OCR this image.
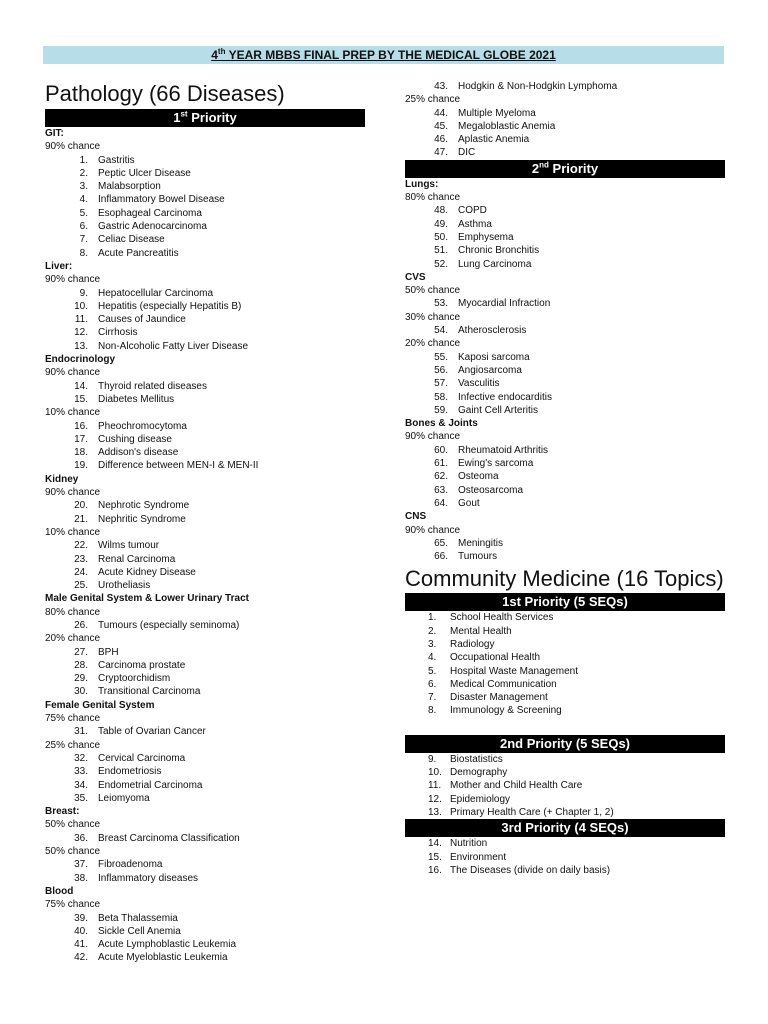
4th YEAR MBBS FINAL PREP BY THE MEDICAL GLOBE 2021
Pathology (66 Diseases)
1st Priority
GIT:
90% chance
1. Gastritis
2. Peptic Ulcer Disease
3. Malabsorption
4. Inflammatory Bowel Disease
5. Esophageal Carcinoma
6. Gastric Adenocarcinoma
7. Celiac Disease
8. Acute Pancreatitis
Liver:
90% chance
9. Hepatocellular Carcinoma
10. Hepatitis (especially Hepatitis B)
11. Causes of Jaundice
12. Cirrhosis
13. Non-Alcoholic Fatty Liver Disease
Endocrinology
90% chance
14. Thyroid related diseases
15. Diabetes Mellitus
10% chance
16. Pheochromocytoma
17. Cushing disease
18. Addison's disease
19. Difference between MEN-I & MEN-II
Kidney
90% chance
20. Nephrotic Syndrome
21. Nephritic Syndrome
10% chance
22. Wilms tumour
23. Renal Carcinoma
24. Acute Kidney Disease
25. Urotheliasis
Male Genital System & Lower Urinary Tract
80% chance
26. Tumours (especially seminoma)
20% chance
27. BPH
28. Carcinoma prostate
29. Cryptoorchidism
30. Transitional Carcinoma
Female Genital System
75% chance
31. Table of Ovarian Cancer
25% chance
32. Cervical Carcinoma
33. Endometriosis
34. Endometrial Carcinoma
35. Leiomyoma
Breast:
50% chance
36. Breast Carcinoma Classification
50% chance
37. Fibroadenoma
38. Inflammatory diseases
Blood
75% chance
39. Beta Thalassemia
40. Sickle Cell Anemia
41. Acute Lymphoblastic Leukemia
42. Acute Myeloblastic Leukemia
43. Hodgkin & Non-Hodgkin Lymphoma
25% chance
44. Multiple Myeloma
45. Megaloblastic Anemia
46. Aplastic Anemia
47. DIC
2nd Priority
Lungs:
80% chance
48. COPD
49. Asthma
50. Emphysema
51. Chronic Bronchitis
52. Lung Carcinoma
CVS
50% chance
53. Myocardial Infraction
30% chance
54. Atherosclerosis
20% chance
55. Kaposi sarcoma
56. Angiosarcoma
57. Vasculitis
58. Infective endocarditis
59. Gaint Cell Arteritis
Bones & Joints
90% chance
60. Rheumatoid Arthritis
61. Ewing's sarcoma
62. Osteoma
63. Osteosarcoma
64. Gout
CNS
90% chance
65. Meningitis
66. Tumours
Community Medicine (16 Topics)
1st Priority (5 SEQs)
1. School Health Services
2. Mental Health
3. Radiology
4. Occupational Health
5. Hospital Waste Management
6. Medical Communication
7. Disaster Management
8. Immunology & Screening
2nd Priority (5 SEQs)
9. Biostatistics
10. Demography
11. Mother and Child Health Care
12. Epidemiology
13. Primary Health Care (+ Chapter 1, 2)
3rd Priority (4 SEQs)
14. Nutrition
15. Environment
16. The Diseases (divide on daily basis)
